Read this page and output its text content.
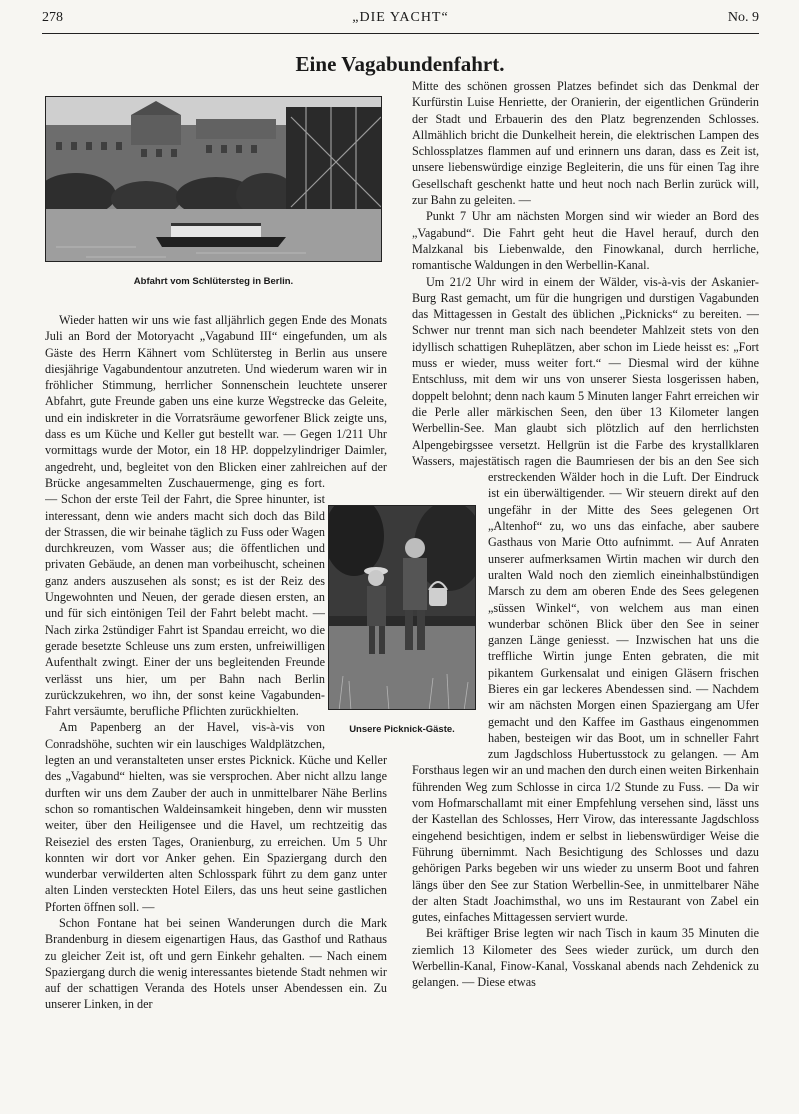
278	„DIE YACHT“	No. 9
Eine Vagabundenfahrt.
Abfahrt vom Schlütersteg in Berlin.
Unsere Picknick-Gäste.

Wieder hatten wir uns wie fast alljährlich gegen Ende des Monats Juli an Bord der Motoryacht „Vagabund III“ eingefunden, um als Gäste des Herrn Kähnert vom Schlütersteg in Berlin aus unsere diesjährige Vagabundentour anzutreten. Und wiederum waren wir in fröhlicher Stimmung, herrlicher Sonnenschein leuchtete unserer Abfahrt, gute Freunde gaben uns eine kurze Wegstrecke das Geleite, und ein indiskreter in die Vorratsräume geworfener Blick zeigte uns, dass es um Küche und Keller gut bestellt war. — Gegen 1/211 Uhr vormittags wurde der Motor, ein 18 HP. doppelzylindriger Daimler, angedreht, und, begleitet von den Blicken einer zahlreichen auf der Brücke angesammelten Zuschauermenge, ging es fort. — Schon der erste Teil der Fahrt, die Spree hinunter, ist interessant, denn wie anders macht sich doch das Bild der Strassen, die wir beinahe täglich zu Fuss oder Wagen durchkreuzen, vom Wasser aus; die öffentlichen und privaten Gebäude, an denen man vorbeihuscht, scheinen ganz anders auszusehen als sonst; es ist der Reiz des Ungewohnten und Neuen, der gerade diesen ersten, an und für sich eintönigen Teil der Fahrt belebt macht. — Nach zirka 2stündiger Fahrt ist Spandau erreicht, wo die gerade besetzte Schleuse uns zum ersten, unfreiwilligen Aufenthalt zwingt. Einer der uns begleitenden Freunde verlässt uns hier, um per Bahn nach Berlin zurückzukehren, wo ihn, der sonst keine Vagabunden-Fahrt versäumte, berufliche Pflichten zurückhielten.

Am Papenberg an der Havel, vis-à-vis von Conradshöhe, suchten wir ein lauschiges Waldplätzchen, legten an und veranstalteten unser erstes Picknick. Küche und Keller des „Vagabund“ hielten, was sie versprochen. Aber nicht allzu lange durften wir uns dem Zauber der auch in unmittelbarer Nähe Berlins schon so romantischen Waldeinsamkeit hingeben, denn wir mussten weiter, über den Heiligensee und die Havel, um rechtzeitig das Reiseziel des ersten Tages, Oranienburg, zu erreichen. Um 5 Uhr konnten wir dort vor Anker gehen. Ein Spaziergang durch den wunderbar verwilderten alten Schlosspark führt zu dem ganz unter alten Linden versteckten Hotel Eilers, das uns heut seine gastlichen Pforten öffnen soll. —

Schon Fontane hat bei seinen Wanderungen durch die Mark Brandenburg in diesem eigenartigen Haus, das Gasthof und Rathaus zu gleicher Zeit ist, oft und gern Einkehr gehalten. — Nach einem Spaziergang durch die wenig interessantes bietende Stadt nehmen wir auf der schattigen Veranda des Hotels unser Abendessen ein. Zu unserer Linken, in der

Mitte des schönen grossen Platzes befindet sich das Denkmal der Kurfürstin Luise Henriette, der Oranierin, der eigentlichen Gründerin der Stadt und Erbauerin des den Platz begrenzenden Schlosses. Allmählich bricht die Dunkelheit herein, die elektrischen Lampen des Schlossplatzes flammen auf und erinnern uns daran, dass es Zeit ist, unsere liebenswürdige einzige Begleiterin, die uns für einen Tag ihre Gesellschaft geschenkt hatte und heut noch nach Berlin zurück will, zur Bahn zu geleiten. —

Punkt 7 Uhr am nächsten Morgen sind wir wieder an Bord des „Vagabund“. Die Fahrt geht heut die Havel herauf, durch den Malzkanal bis Liebenwalde, den Finowkanal, durch herrliche, romantische Waldungen in den Werbellin-Kanal.

Um 21/2 Uhr wird in einem der Wälder, vis-à-vis der Askanier-Burg Rast gemacht, um für die hungrigen und durstigen Vagabunden das Mittagessen in Gestalt des üblichen „Picknicks“ zu bereiten. — Schwer nur trennt man sich nach beendeter Mahlzeit stets von den idyllisch schattigen Ruheplätzen, aber schon im Liede heisst es: „Fort muss er wieder, muss weiter fort.“ — Diesmal wird der kühne Entschluss, mit dem wir uns von unserer Siesta losgerissen haben, doppelt belohnt; denn nach kaum 5 Minuten langer Fahrt erreichen wir die Perle aller märkischen Seen, den über 13 Kilometer langen Werbellin-See. Man glaubt sich plötzlich auf den herrlichsten Alpengebirgssee versetzt. Hellgrün ist die Farbe des krystallklaren Wassers, majestätisch ragen die Baumriesen der bis an den See sich erstreckenden Wälder hoch in die Luft. Der Eindruck ist ein überwältigender. — Wir steuern direkt auf den ungefähr in der Mitte des Sees gelegenen Ort „Altenhof“ zu, wo uns das einfache, aber saubere Gasthaus von Marie Otto aufnimmt. — Auf Anraten unserer aufmerksamen Wirtin machen wir durch den uralten Wald noch den ziemlich eineinhalbstündigen Marsch zu dem am oberen Ende des Sees gelegenen „süssen Winkel“, von welchem aus man einen wunderbar schönen Blick über den See in seiner ganzen Länge geniesst. — Inzwischen hat uns die treffliche Wirtin junge Enten gebraten, die mit pikantem Gurkensalat und einigen Gläsern frischen Bieres ein gar leckeres Abendessen sind. — Nachdem wir am nächsten Morgen einen Spaziergang am Ufer gemacht und den Kaffee im Gasthaus eingenommen haben, besteigen wir das Boot, um in schneller Fahrt zum Jagdschloss Hubertusstock zu gelangen. — Am Forsthaus legen wir an und machen den durch einen weiten Birkenhain führenden Weg zum Schlosse in circa 1/2 Stunde zu Fuss. — Da wir vom Hofmarschallamt mit einer Empfehlung versehen sind, lässt uns der Kastellan des Schlosses, Herr Virow, das interessante Jagdschloss eingehend besichtigen, indem er selbst in liebenswürdiger Weise die Führung übernimmt. Nach Besichtigung des Schlosses und dazu gehörigen Parks begeben wir uns wieder zu unserm Boot und fahren längs über den See zur Station Werbellin-See, in unmittelbarer Nähe der alten Stadt Joachimsthal, wo uns im Restaurant von Zabel ein gutes, einfaches Mittagessen serviert wurde.

Bei kräftiger Brise legten wir nach Tisch in kaum 35 Minuten die ziemlich 13 Kilometer des Sees wieder zurück, um durch den Werbellin-Kanal, Finow-Kanal, Vosskanal abends nach Zehdenick zu gelangen. — Diese etwas
